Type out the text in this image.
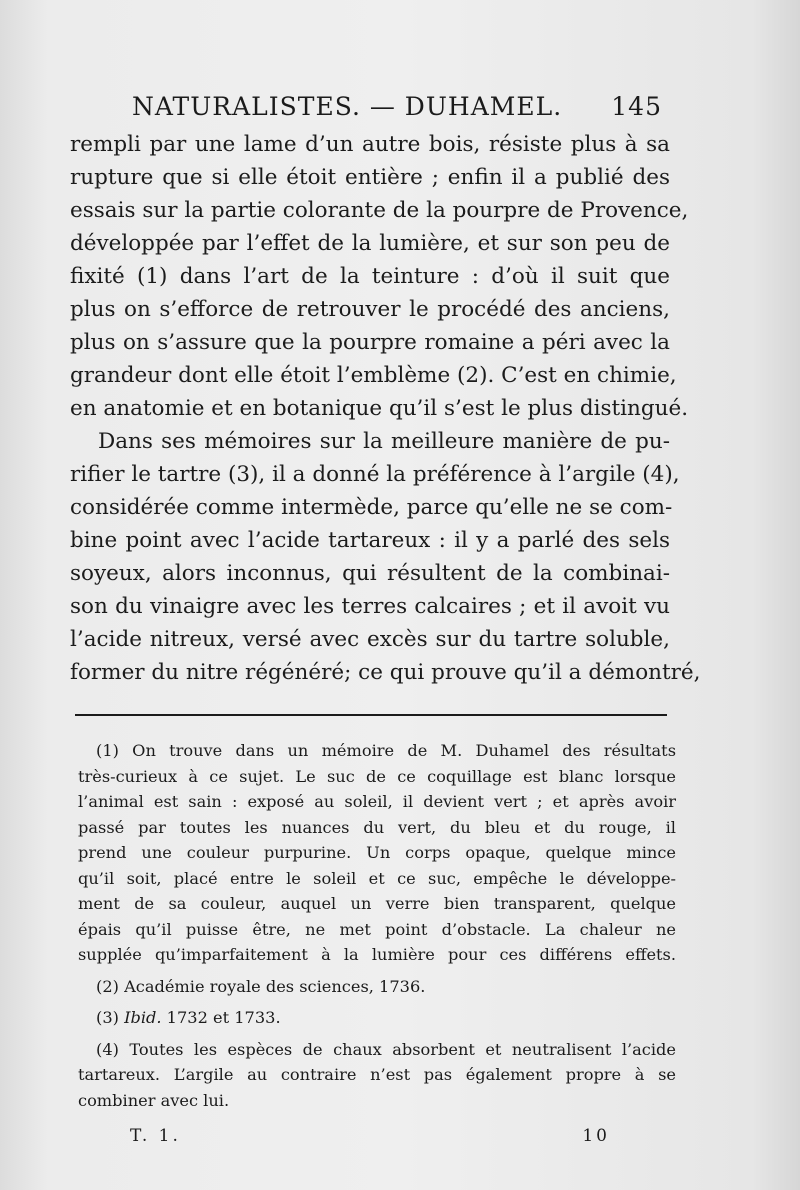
NATURALISTES. — DUHAMEL. 145
rempli par une lame d’un autre bois, résiste plus à sa
rupture que si elle étoit entière ; enfin il a publié des
essais sur la partie colorante de la pourpre de Provence,
développée par l’effet de la lumière, et sur son peu de
fixité (1) dans l’art de la teinture : d’où il suit que
plus on s’efforce de retrouver le procédé des anciens,
plus on s’assure que la pourpre romaine a péri avec la
grandeur dont elle étoit l’emblème (2). C’est en chimie,
en anatomie et en botanique qu’il s’est le plus distingué.
Dans ses mémoires sur la meilleure manière de pu-
rifier le tartre (3), il a donné la préférence à l’argile (4),
considérée comme intermède, parce qu’elle ne se com-
bine point avec l’acide tartareux : il y a parlé des sels
soyeux, alors inconnus, qui résultent de la combinai-
son du vinaigre avec les terres calcaires ; et il avoit vu
l’acide nitreux, versé avec excès sur du tartre soluble,
former du nitre régénéré; ce qui prouve qu’il a démontré,
(1) On trouve dans un mémoire de M. Duhamel des résultats
très-curieux à ce sujet. Le suc de ce coquillage est blanc lorsque
l’animal est sain : exposé au soleil, il devient vert ; et après avoir
passé par toutes les nuances du vert, du bleu et du rouge, il
prend une couleur purpurine. Un corps opaque, quelque mince
qu’il soit, placé entre le soleil et ce suc, empêche le développe-
ment de sa couleur, auquel un verre bien transparent, quelque
épais qu’il puisse être, ne met point d’obstacle. La chaleur ne
supplée qu’imparfaitement à la lumière pour ces différens effets.
(2) Académie royale des sciences, 1736.
(3) Ibid. 1732 et 1733.
(4) Toutes les espèces de chaux absorbent et neutralisent l’acide
tartareux. L’argile au contraire n’est pas également propre à se
combiner avec lui.
T. 1.	10
